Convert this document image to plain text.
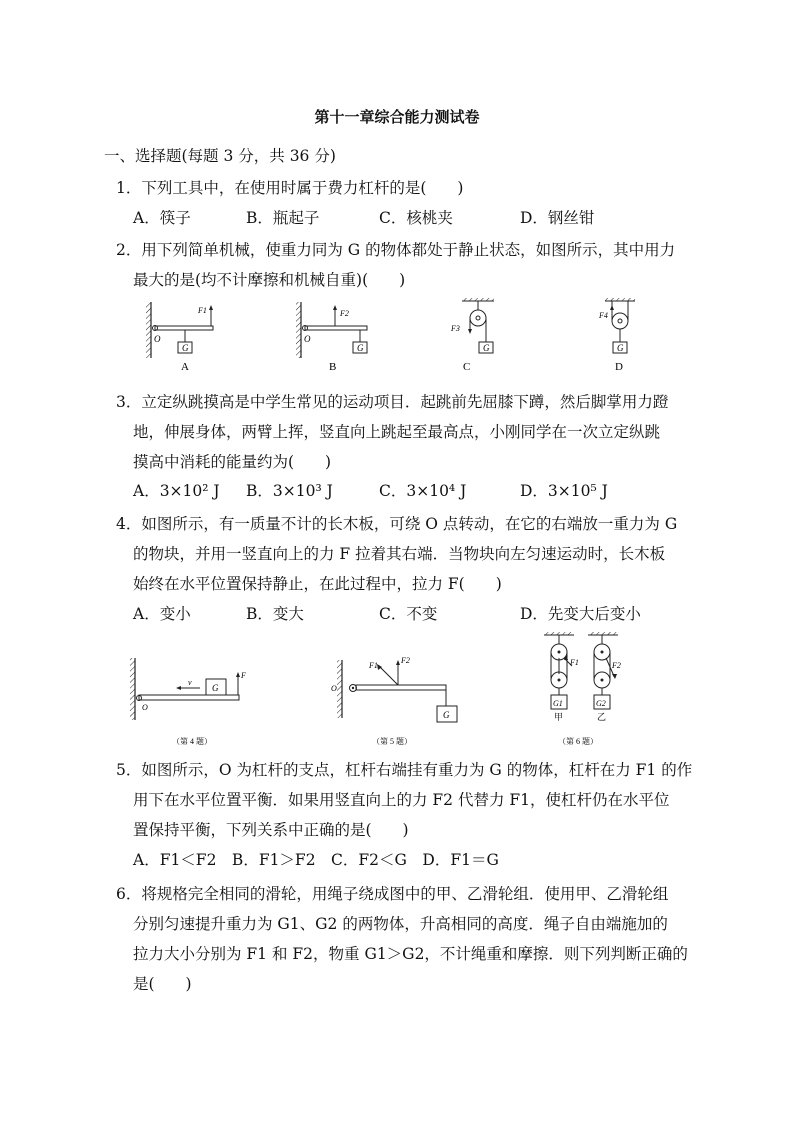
第十一章综合能力测试卷
一、选择题(每题 3 分，共 36 分)
1．下列工具中，在使用时属于费力杠杆的是(　　)
A．筷子	B．瓶起子	C．核桃夹	D．钢丝钳
2．用下列简单机械，使重力同为 G 的物体都处于静止状态，如图所示，其中用力
最大的是(均不计摩擦和机械自重)(　　)
G
O
F1
A
G
O
F2
B
G
F3
C
G
F4
D
3．立定纵跳摸高是中学生常见的运动项目．起跳前先屈膝下蹲，然后脚掌用力蹬
地，伸展身体，两臂上挥，竖直向上跳起至最高点，小刚同学在一次立定纵跳
摸高中消耗的能量约为(　　)
A．3×10² J B．3×10³ J	C．3×10⁴ J	D．3×10⁵ J
4．如图所示，有一质量不计的长木板，可绕 O 点转动，在它的右端放一重力为 G
的物块，并用一竖直向上的力 F 拉着其右端．当物块向左匀速运动时，长木板
始终在水平位置保持静止，在此过程中，拉力 F(　　)
A．变小	B．变大	C．不变	D．先变大后变小
G
v
F
O
（第 4 题）
G
F1
F2
O
（第 5 题）
F1
G1
甲
F2
G2
乙
（第 6 题）
5．如图所示，O 为杠杆的支点，杠杆右端挂有重力为 G 的物体，杠杆在力 F1 的作
用下在水平位置平衡．如果用竖直向上的力 F2 代替力 F1，使杠杆仍在水平位
置保持平衡，下列关系中正确的是(　　)
A．F1＜F2　B．F1＞F2　C．F2＜G　D．F1＝G
6．将规格完全相同的滑轮，用绳子绕成图中的甲、乙滑轮组．使用甲、乙滑轮组
分别匀速提升重力为 G1、G2 的两物体，升高相同的高度．绳子自由端施加的
拉力大小分别为 F1 和 F2，物重 G1＞G2，不计绳重和摩擦．则下列判断正确的
是(　　)
